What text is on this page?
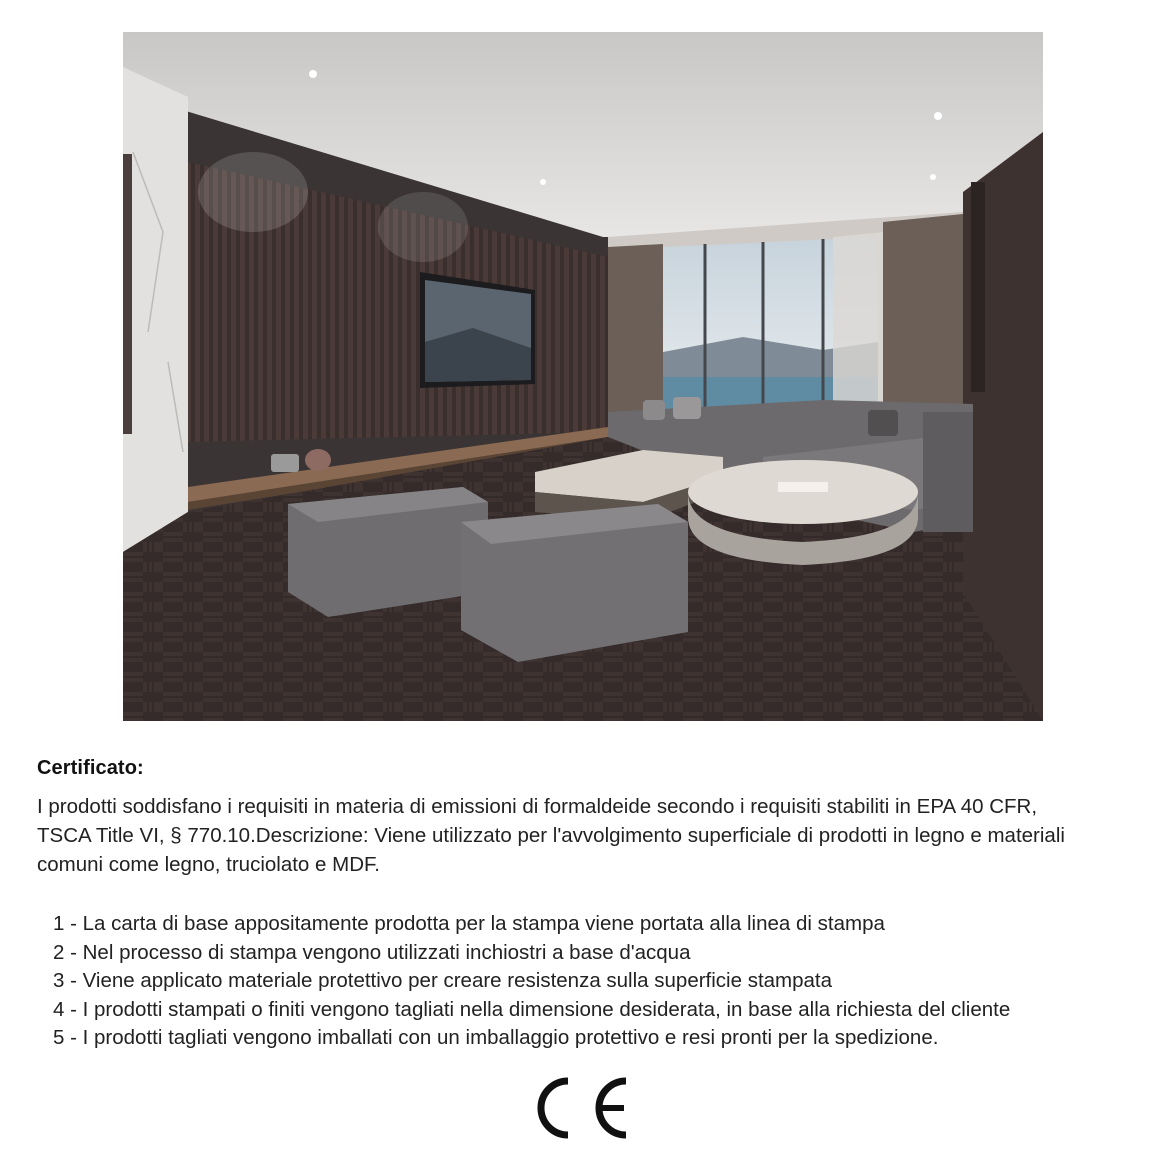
Certificato:

I prodotti soddisfano i requisiti in materia di emissioni di formaldeide secondo i requisiti stabiliti in EPA 40 CFR,
TSCA Title VI, § 770.10.Descrizione: Viene utilizzato per l'avvolgimento superficiale di prodotti in legno e materiali
comuni come legno, truciolato e MDF.

1 - La carta di base appositamente prodotta per la stampa viene portata alla linea di stampa
2 - Nel processo di stampa vengono utilizzati inchiostri a base d'acqua
3 - Viene applicato materiale protettivo per creare resistenza sulla superficie stampata
4 - I prodotti stampati o finiti vengono tagliati nella dimensione desiderata, in base alla richiesta del cliente
5 - I prodotti tagliati vengono imballati con un imballaggio protettivo e resi pronti per la spedizione.
